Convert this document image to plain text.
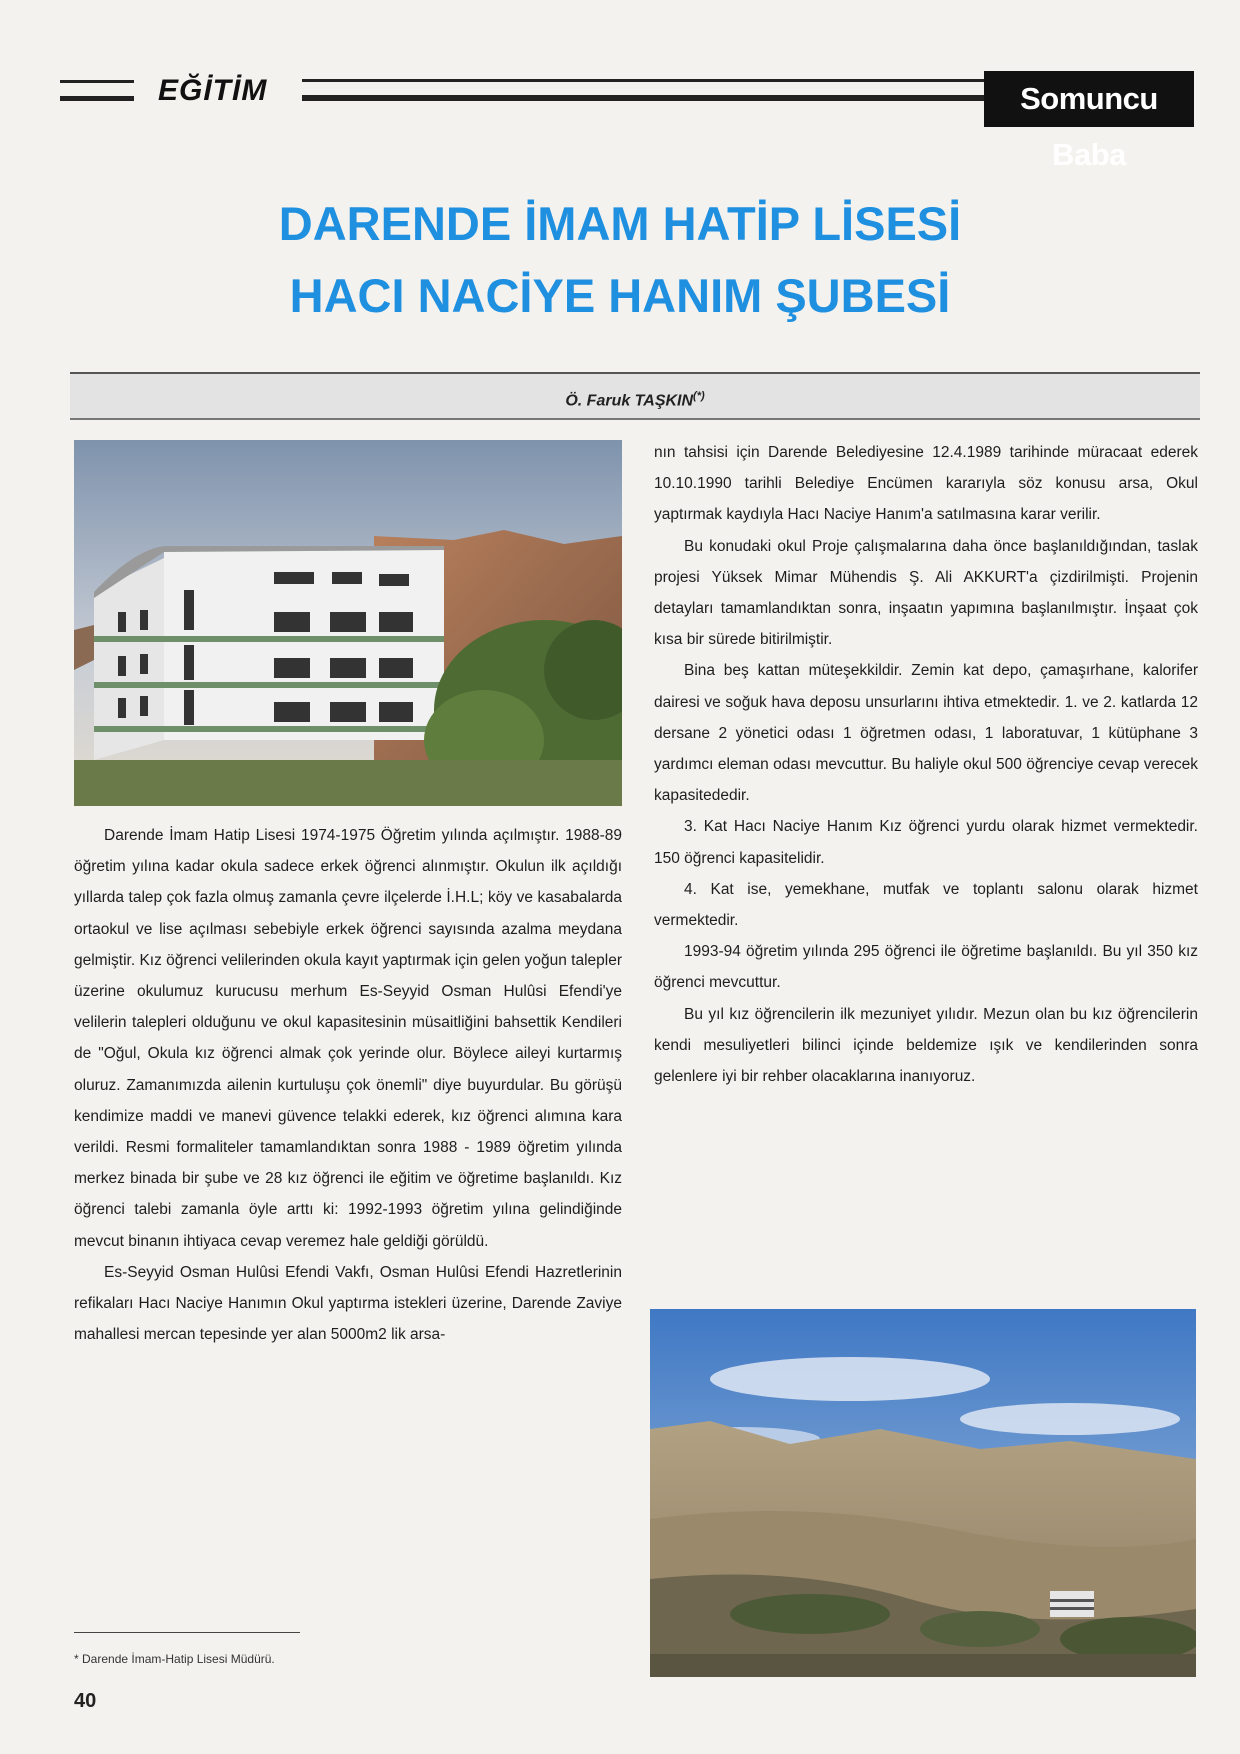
EĞİTİM	Somuncu Baba
DARENDE İMAM HATİP LİSESİ
HACI NACİYE HANIM ŞUBESİ
Ö. Faruk TAŞKIN(*)

Darende İmam Hatip Lisesi 1974-1975 Öğretim yılında açılmıştır. 1988-89 öğretim yılına kadar okula sadece erkek öğrenci alınmıştır. Okulun ilk açıldığı yıllarda talep çok fazla olmuş zamanla çevre ilçelerde İ.H.L; köy ve kasabalarda ortaokul ve lise açılması sebebiyle erkek öğrenci sayısında azalma meydana gelmiştir. Kız öğrenci velilerinden okula kayıt yaptırmak için gelen yoğun talepler üzerine okulumuz kurucusu merhum Es-Seyyid Osman Hulûsi Efendi'ye velilerin talepleri olduğunu ve okul kapasitesinin müsaitliğini bahsettik Kendileri de "Oğul, Okula kız öğrenci almak çok yerinde olur. Böylece aileyi kurtarmış oluruz. Zamanımızda ailenin kurtuluşu çok önemli" diye buyurdular. Bu görüşü kendimize maddi ve manevi güvence telakki ederek, kız öğrenci alımına kara verildi. Resmi formaliteler tamamlandıktan sonra 1988 - 1989 öğretim yılında merkez binada bir şube ve 28 kız öğrenci ile eğitim ve öğretime başlanıldı. Kız öğrenci talebi zamanla öyle arttı ki: 1992-1993 öğretim yılına gelindiğinde mevcut binanın ihtiyaca cevap veremez hale geldiği görüldü.

Es-Seyyid Osman Hulûsi Efendi Vakfı, Osman Hulûsi Efendi Hazretlerinin refikaları Hacı Naciye Hanımın Okul yaptırma istekleri üzerine, Darende Zaviye mahallesi mercan tepesinde yer alan 5000m2 lik arsa-

nın tahsisi için Darende Belediyesine 12.4.1989 tarihinde müracaat ederek 10.10.1990 tarihli Belediye Encümen kararıyla söz konusu arsa, Okul yaptırmak kaydıyla Hacı Naciye Hanım'a satılmasına karar verilir.

Bu konudaki okul Proje çalışmalarına daha önce başlanıldığından, taslak projesi Yüksek Mimar Mühendis Ş. Ali AKKURT'a çizdirilmişti. Projenin detayları tamamlandıktan sonra, inşaatın yapımına başlanılmıştır. İnşaat çok kısa bir sürede bitirilmiştir.

Bina beş kattan müteşekkildir. Zemin kat depo, çamaşırhane, kalorifer dairesi ve soğuk hava deposu unsurlarını ihtiva etmektedir. 1. ve 2. katlarda 12 dersane 2 yönetici odası 1 öğretmen odası, 1 laboratuvar, 1 kütüphane 3 yardımcı eleman odası mevcuttur. Bu haliyle okul 500 öğrenciye cevap verecek kapasitededir.

3. Kat Hacı Naciye Hanım Kız öğrenci yurdu olarak hizmet vermektedir. 150 öğrenci kapasitelidir.

4. Kat ise, yemekhane, mutfak ve toplantı salonu olarak hizmet vermektedir.

1993-94 öğretim yılında 295 öğrenci ile öğretime başlanıldı. Bu yıl 350 kız öğrenci mevcuttur.

Bu yıl kız öğrencilerin ilk mezuniyet yılıdır. Mezun olan bu kız öğrencilerin kendi mesuliyetleri bilinci içinde beldemize ışık ve kendilerinden sonra gelenlere iyi bir rehber olacaklarına inanıyoruz.

* Darende İmam-Hatip Lisesi Müdürü.
40
